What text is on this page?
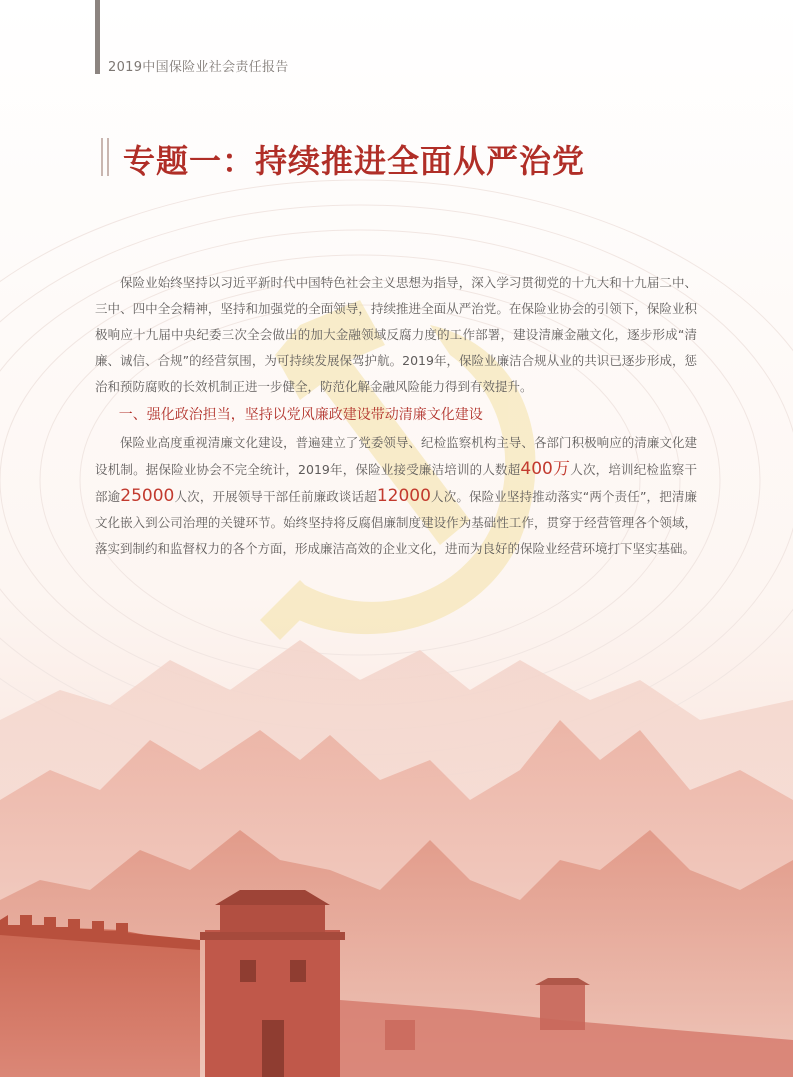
2019中国保险业社会责任报告
专题一：持续推进全面从严治党

保险业始终坚持以习近平新时代中国特色社会主义思想为指导，深入学习贯彻党的十九大和十九届二中、三中、四中全会精神，坚持和加强党的全面领导，持续推进全面从严治党。在保险业协会的引领下，保险业积极响应十九届中央纪委三次全会做出的加大金融领域反腐力度的工作部署，建设清廉金融文化，逐步形成“清廉、诚信、合规”的经营氛围，为可持续发展保驾护航。2019年，保险业廉洁合规从业的共识已逐步形成，惩治和预防腐败的长效机制正进一步健全，防范化解金融风险能力得到有效提升。

一、强化政治担当，坚持以党风廉政建设带动清廉文化建设

保险业高度重视清廉文化建设，普遍建立了党委领导、纪检监察机构主导、各部门积极响应的清廉文化建设机制。据保险业协会不完全统计，2019年，保险业接受廉洁培训的人数超400万人次，培训纪检监察干部逾25000人次，开展领导干部任前廉政谈话超12000人次。保险业坚持推动落实“两个责任”，把清廉文化嵌入到公司治理的关键环节。始终坚持将反腐倡廉制度建设作为基础性工作，贯穿于经营管理各个领域，落实到制约和监督权力的各个方面，形成廉洁高效的企业文化，进而为良好的保险业经营环境打下坚实基础。
